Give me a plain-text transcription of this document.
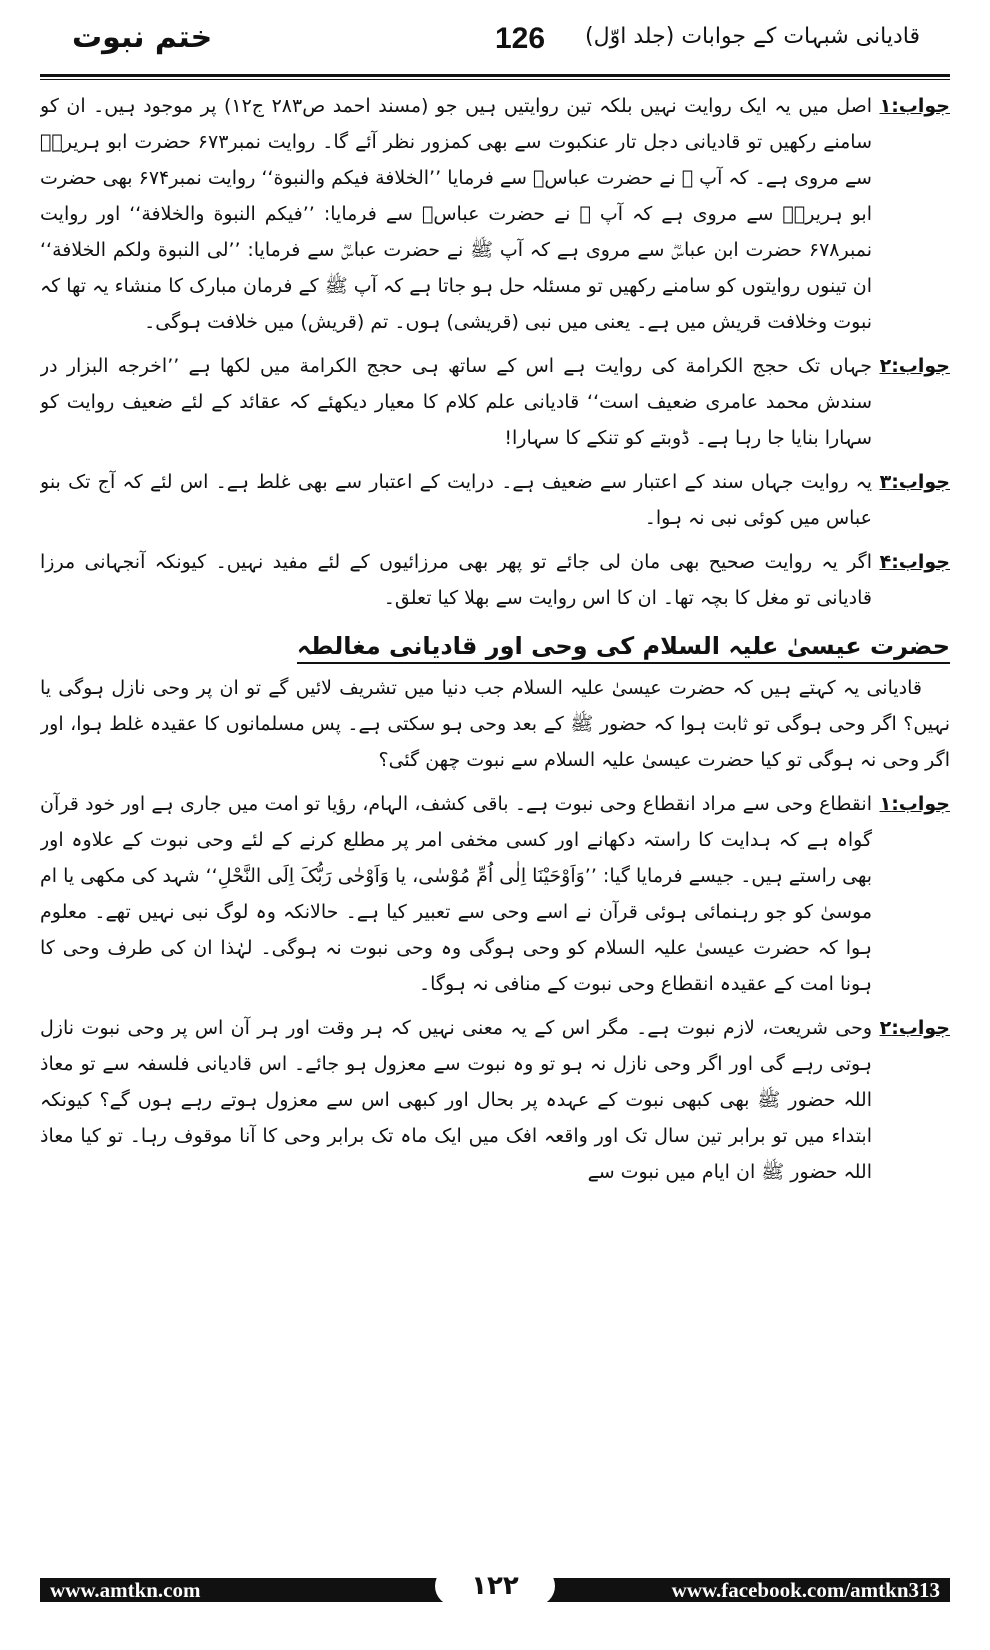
ختم نبوت	126 قادیانی شبہات کے جوابات (جلد اوّل)
جواب:۱
اصل میں یہ ایک روایت نہیں بلکہ تین روایتیں ہیں جو (مسند احمد ص۲۸۳ ج۱۲) پر موجود ہیں۔ ان کو سامنے رکھیں تو قادیانی دجل تار عنکبوت سے بھی کمزور نظر آئے گا۔ روایت نمبر۶۷۳ حضرت ابو ہریرہؓ سے مروی ہے۔ کہ آپ ﷺ نے حضرت عباسؓ سے فرمایا ’’الخلافة فیکم والنبوة‘‘ روایت نمبر۶۷۴ بھی حضرت ابو ہریرہؓ سے مروی ہے کہ آپ ﷺ نے حضرت عباسؓ سے فرمایا: ’’فیکم النبوة والخلافة‘‘ اور روایت نمبر۶۷۸ حضرت ابن عباسؓ سے مروی ہے کہ آپ ﷺ نے حضرت عباسؓ سے فرمایا: ’’لی النبوة ولکم الخلافة‘‘ ان تینوں روایتوں کو سامنے رکھیں تو مسئلہ حل ہو جاتا ہے کہ آپ ﷺ کے فرمان مبارک کا منشاء یہ تھا کہ نبوت وخلافت قریش میں ہے۔ یعنی میں نبی (قریشی) ہوں۔ تم (قریش) میں خلافت ہوگی۔
جواب:۲
جہاں تک حجج الکرامة کی روایت ہے اس کے ساتھ ہی حجج الکرامة میں لکھا ہے ’’اخرجه البزار در سندش محمد عامری ضعیف است‘‘ قادیانی علم کلام کا معیار دیکھئے کہ عقائد کے لئے ضعیف روایت کو سہارا بنایا جا رہا ہے۔ ڈوبتے کو تنکے کا سہارا!
جواب:۳
یہ روایت جہاں سند کے اعتبار سے ضعیف ہے۔ درایت کے اعتبار سے بھی غلط ہے۔ اس لئے کہ آج تک بنو عباس میں کوئی نبی نہ ہوا۔
جواب:۴
اگر یہ روایت صحیح بھی مان لی جائے تو پھر بھی مرزائیوں کے لئے مفید نہیں۔ کیونکہ آنجہانی مرزا قادیانی تو مغل کا بچہ تھا۔ ان کا اس روایت سے بھلا کیا تعلق۔
حضرت عیسیٰ علیہ السلام کی وحی اور قادیانی مغالطہ
قادیانی یہ کہتے ہیں کہ حضرت عیسیٰ علیہ السلام جب دنیا میں تشریف لائیں گے تو ان پر وحی نازل ہوگی یا نہیں؟ اگر وحی ہوگی تو ثابت ہوا کہ حضور ﷺ کے بعد وحی ہو سکتی ہے۔ پس مسلمانوں کا عقیدہ غلط ہوا، اور اگر وحی نہ ہوگی تو کیا حضرت عیسیٰ علیہ السلام سے نبوت چھن گئی؟
جواب:۱
انقطاع وحی سے مراد انقطاع وحی نبوت ہے۔ باقی کشف، الہام، رؤیا تو امت میں جاری ہے اور خود قرآن گواہ ہے کہ ہدایت کا راستہ دکھانے اور کسی مخفی امر پر مطلع کرنے کے لئے وحی نبوت کے علاوہ اور بھی راستے ہیں۔ جیسے فرمایا گیا: ’’وَاَوْحَیْنَا اِلٰی اُمِّ مُوْسٰی، یا وَاَوْحٰی رَبُّکَ اِلَی النَّحْلِ‘‘ شہد کی مکھی یا ام موسیٰ کو جو رہنمائی ہوئی قرآن نے اسے وحی سے تعبیر کیا ہے۔ حالانکہ وہ لوگ نبی نہیں تھے۔ معلوم ہوا کہ حضرت عیسیٰ علیہ السلام کو وحی ہوگی وہ وحی نبوت نہ ہوگی۔ لہٰذا ان کی طرف وحی کا ہونا امت کے عقیدہ انقطاع وحی نبوت کے منافی نہ ہوگا۔
جواب:۲
وحی شریعت، لازم نبوت ہے۔ مگر اس کے یہ معنی نہیں کہ ہر وقت اور ہر آن اس پر وحی نبوت نازل ہوتی رہے گی اور اگر وحی نازل نہ ہو تو وہ نبوت سے معزول ہو جائے۔ اس قادیانی فلسفہ سے تو معاذ اللہ حضور ﷺ بھی کبھی نبوت کے عہدہ پر بحال اور کبھی اس سے معزول ہوتے رہے ہوں گے؟ کیونکہ ابتداء میں تو برابر تین سال تک اور واقعہ افک میں ایک ماہ تک برابر وحی کا آنا موقوف رہا۔ تو کیا معاذ اللہ حضور ﷺ ان ایام میں نبوت سے
www.amtkn.com	۱۲۲	www.facebook.com/amtkn313
